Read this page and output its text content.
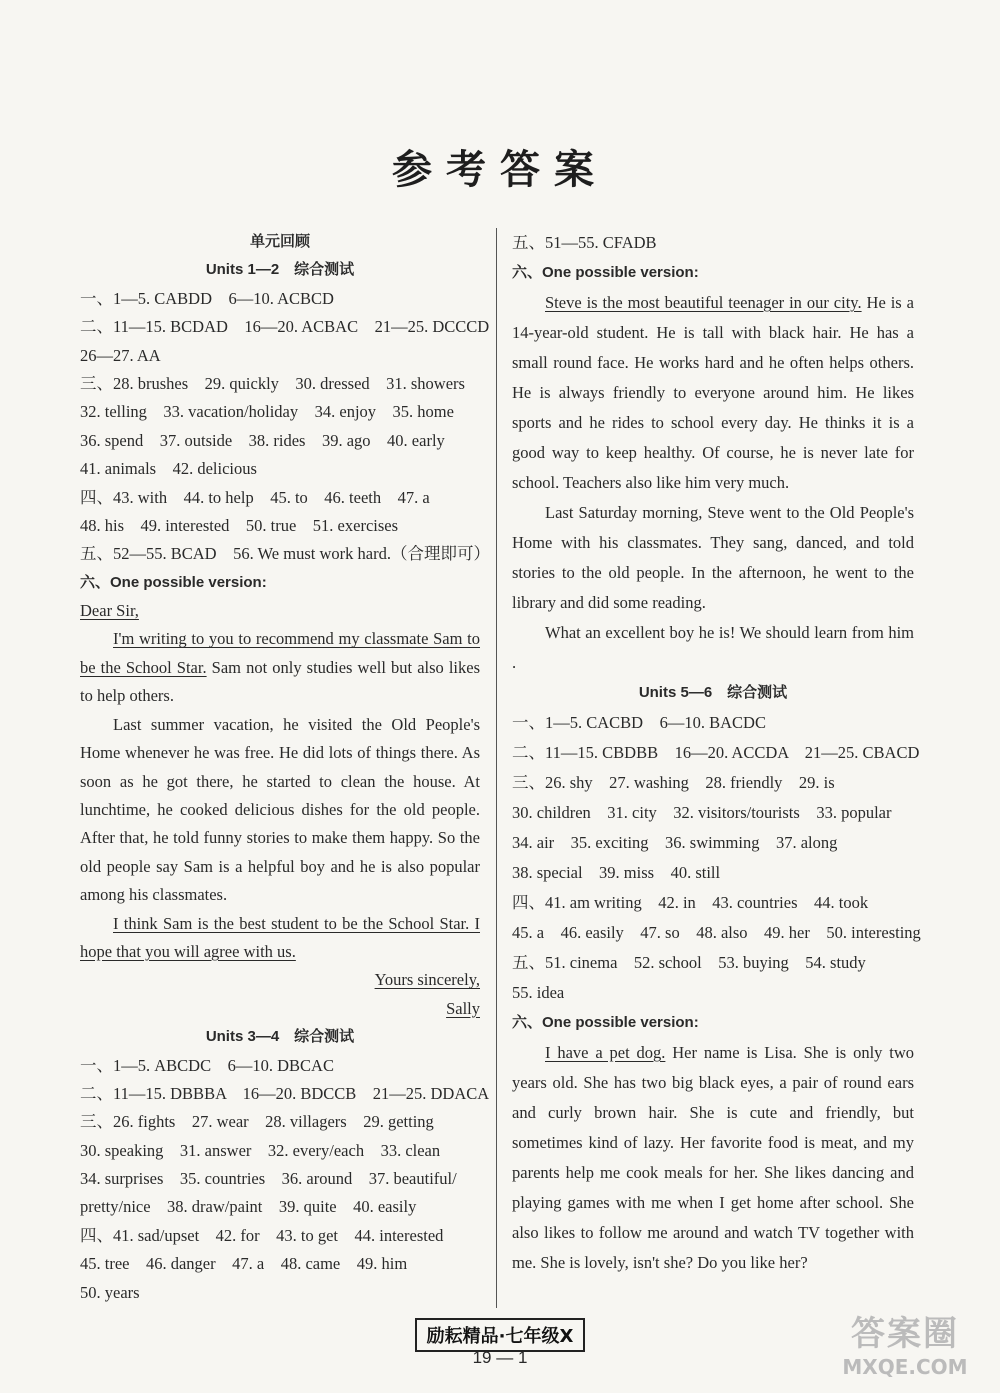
参考答案
单元回顾
Units 1—2　综合测试
一、1—5. CABDD　6—10. ACBCD
二、11—15. BCDAD　16—20. ACBAC　21—25. DCCCD
26—27. AA
三、28. brushes　29. quickly　30. dressed　31. showers
32. telling　33. vacation/holiday　34. enjoy　35. home
36. spend　37. outside　38. rides　39. ago　40. early
41. animals　42. delicious
四、43. with　44. to help　45. to　46. teeth　47. a
48. his　49. interested　50. true　51. exercises
五、52—55. BCAD　56. We must work hard.（合理即可）
六、One possible version:
Dear Sir,

I'm writing to you to recommend my classmate Sam to be the School Star. Sam not only studies well but also likes to help others.

Last summer vacation, he visited the Old People's Home whenever he was free. He did lots of things there. As soon as he got there, he started to clean the house. At lunchtime, he cooked delicious dishes for the old people. After that, he told funny stories to make them happy. So the old people say Sam is a helpful boy and he is also popular among his classmates.

I think Sam is the best student to be the School Star. I hope that you will agree with us.

Yours sincerely,
Sally
Units 3—4　综合测试
一、1—5. ABCDC　6—10. DBCAC
二、11—15. DBBBA　16—20. BDCCB　21—25. DDACA
三、26. fights　27. wear　28. villagers　29. getting
30. speaking　31. answer　32. every/each　33. clean
34. surprises　35. countries　36. around　37. beautiful/
pretty/nice　38. draw/paint　39. quite　40. easily
四、41. sad/upset　42. for　43. to get　44. interested
45. tree　46. danger　47. a　48. came　49. him
50. years
五、51—55. CFADB
六、One possible version:

Steve is the most beautiful teenager in our city. He is a 14-year-old student. He is tall with black hair. He has a small round face. He works hard and he often helps others. He is always friendly to everyone around him. He likes sports and he rides to school every day. He thinks it is a good way to keep healthy. Of course, he is never late for school. Teachers also like him very much.

Last Saturday morning, Steve went to the Old People's Home with his classmates. They sang, danced, and told stories to the old people. In the afternoon, he went to the library and did some reading.

What an excellent boy he is! We should learn from him .

Units 5—6　综合测试
一、1—5. CACBD　6—10. BACDC
二、11—15. CBDBB　16—20. ACCDA　21—25. CBACD
三、26. shy　27. washing　28. friendly　29. is
30. children　31. city　32. visitors/tourists　33. popular
34. air　35. exciting　36. swimming　37. along
38. special　39. miss　40. still
四、41. am writing　42. in　43. countries　44. took
45. a　46. easily　47. so　48. also　49. her　50. interesting
五、51. cinema　52. school　53. buying　54. study
55. idea
六、One possible version:

I have a pet dog. Her name is Lisa. She is only two years old. She has two big black eyes, a pair of round ears and curly brown hair. She is cute and friendly, but sometimes kind of lazy. Her favorite food is meat, and my parents help me cook meals for her. She likes dancing and playing games with me when I get home after school. She also likes to follow me around and watch TV together with me. She is lovely, isn't she? Do you like her?

励耘精品·七年级X
19 — 1
答案圈
MXQE.COM
